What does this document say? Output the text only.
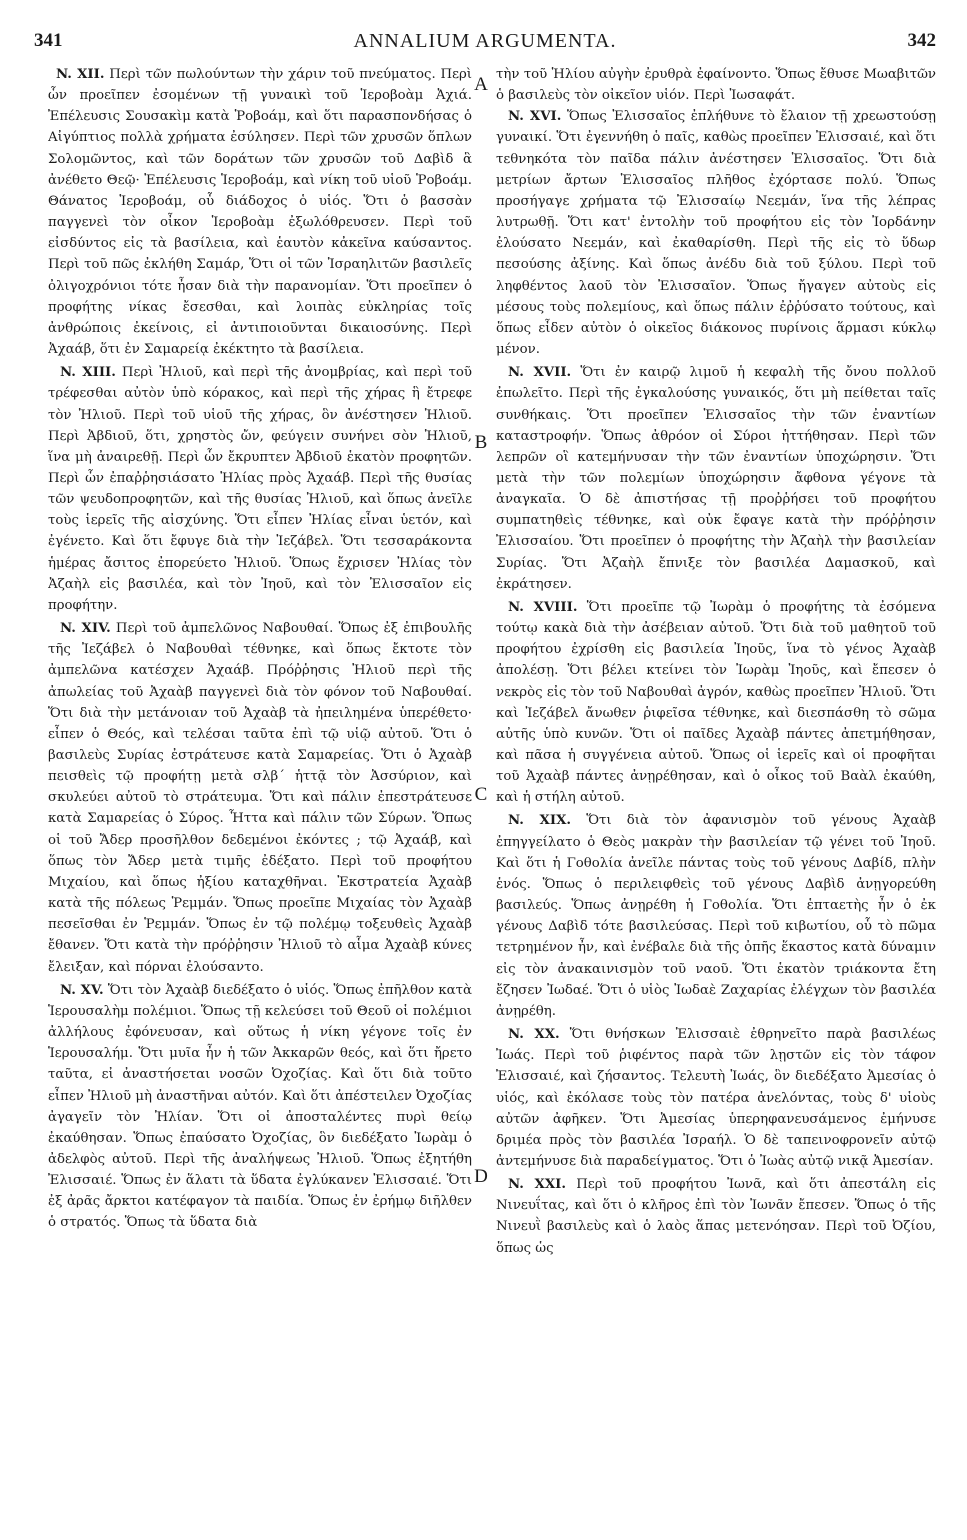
341	ANNALIUM ARGUMENTA.	342

N. XII. Περὶ τῶν πωλούντων τὴν χάριν τοῦ πνεύματος. Περὶ ὧν προεῖπεν ἐσομένων τῇ γυναικὶ τοῦ Ἱεροβοὰμ Ἀχιά. Ἐπέλευσις Σουσακὶμ κατὰ Ῥοβοάμ, καὶ ὅτι παρασπονδήσας ὁ Αἰγύπτιος πολλὰ χρήματα ἐσύλησεν. Περὶ τῶν χρυσῶν ὅπλων Σολομῶντος, καὶ τῶν δοράτων τῶν χρυσῶν τοῦ Δαβὶδ ἃ ἀνέθετο Θεῷ· Ἐπέλευσις Ἱεροβοάμ, καὶ νίκη τοῦ υἱοῦ Ῥοβοάμ. Θάνατος Ἱεροβοάμ, οὗ διάδοχος ὁ υἱός. Ὅτι ὁ βασσὰν παγγενεὶ τὸν οἶκον Ἱεροβοὰμ ἐξωλόθρευσεν. Περὶ τοῦ εἰσδύντος εἰς τὰ βασίλεια, καὶ ἑαυτὸν κἀκεῖνα καύσαντος. Περὶ τοῦ πῶς ἐκλήθη Σαμάρ, Ὅτι οἱ τῶν Ἰσραηλιτῶν βασιλεῖς ὀλιγοχρόνιοι τότε ἦσαν διὰ τὴν παρανομίαν. Ὅτι προεῖπεν ὁ προφήτης νίκας ἔσεσθαι, καὶ λοιπὰς εὐκληρίας τοῖς ἀνθρώποις ἐκείνοις, εἰ ἀντιποιοῦνται δικαιοσύνης. Περὶ Ἀχαάβ, ὅτι ἐν Σαμαρείᾳ ἐκέκτητο τὰ βασίλεια.

N. XIII. Περὶ Ἠλιοῦ, καὶ περὶ τῆς ἀνομβρίας, καὶ περὶ τοῦ τρέφεσθαι αὐτὸν ὑπὸ κόρακος, καὶ περὶ τῆς χήρας ἣ ἔτρεφε τὸν Ἠλιοῦ. Περὶ τοῦ υἱοῦ τῆς χήρας, ὃν ἀνέστησεν Ἠλιοῦ. Περὶ Ἀβδιοῦ, ὅτι, χρηστὸς ὤν, φεύγειν συνήνει σὸν Ἠλιοῦ, ἵνα μὴ ἀναιρεθῇ. Περὶ ὧν ἔκρυπτεν Ἀβδιοῦ ἑκατὸν προφητῶν. Περὶ ὧν ἐπαῤῥησιάσατο Ἠλίας πρὸς Ἀχαάβ. Περὶ τῆς θυσίας τῶν ψευδοπροφητῶν, καὶ τῆς θυσίας Ἠλιοῦ, καὶ ὅπως ἀνεῖλε τοὺς ἱερεῖς τῆς αἰσχύνης. Ὅτι εἶπεν Ἠλίας εἶναι ὑετόν, καὶ ἐγένετο. Καὶ ὅτι ἔφυγε διὰ τὴν Ἰεζάβελ. Ὅτι τεσσαράκοντα ἡμέρας ἄσιτος ἐπορεύετο Ἠλιοῦ. Ὅπως ἔχρισεν Ἠλίας τὸν Ἀζαὴλ εἰς βασιλέα, καὶ τὸν Ἰηοῦ, καὶ τὸν Ἐλισσαῖον εἰς προφήτην.

N. XIV. Περὶ τοῦ ἀμπελῶνος Ναβουθαί. Ὅπως ἐξ ἐπιβουλῆς τῆς Ἰεζάβελ ὁ Ναβουθαὶ τέθνηκε, καὶ ὅπως ἔκτοτε τὸν ἀμπελῶνα κατέσχεν Ἀχαάβ. Πρόῤῥησις Ἠλιοῦ περὶ τῆς ἀπωλείας τοῦ Ἀχαὰβ παγγενεὶ διὰ τὸν φόνον τοῦ Ναβουθαί. Ὅτι διὰ τὴν μετάνοιαν τοῦ Ἀχαὰβ τὰ ἠπειλημένα ὑπερέθετο· εἶπεν ὁ Θεός, καὶ τελέσαι ταῦτα ἐπὶ τῷ υἱῷ αὐτοῦ. Ὅτι ὁ βασιλεὺς Συρίας ἐστράτευσε κατὰ Σαμαρείας. Ὅτι ὁ Ἀχαὰβ πεισθεὶς τῷ προφήτῃ μετὰ σλβ´ ἡττᾷ τὸν Ἀσσύριον, καὶ σκυλεύει αὐτοῦ τὸ στράτευμα. Ὅτι καὶ πάλιν ἐπεστράτευσε κατὰ Σαμαρείας ὁ Σύρος. Ἧττα καὶ πάλιν τῶν Σύρων. Ὅπως οἱ τοῦ Ἄδερ προσῆλθον δεδεμένοι ἐκόντες ; τῷ Ἀχαάβ, καὶ ὅπως τὸν Ἄδερ μετὰ τιμῆς ἐδέξατο. Περὶ τοῦ προφήτου Μιχαίου, καὶ ὅπως ἠξίου καταχθῆναι. Ἐκστρατεία Ἀχαὰβ κατὰ τῆς πόλεως Ῥεμμάν. Ὅπως προεῖπε Μιχαίας τὸν Ἀχαὰβ πεσεῖσθαι ἐν Ῥεμμάν. Ὅπως ἐν τῷ πολέμῳ τοξευθεὶς Ἀχαὰβ ἔθανεν. Ὅτι κατὰ τὴν πρόῤῥησιν Ἠλιοῦ τὸ αἷμα Ἀχαὰβ κύνες ἔλειξαν, καὶ πόρναι ἐλούσαντο.

N. XV. Ὅτι τὸν Ἀχαὰβ διεδέξατο ὁ υἱός. Ὅπως ἐπῆλθον κατὰ Ἱερουσαλὴμ πολέμιοι. Ὅπως τῇ κελεύσει τοῦ Θεοῦ οἱ πολέμιοι ἀλλήλους ἐφόνευσαν, καὶ οὕτως ἡ νίκη γέγονε τοῖς ἐν Ἱερουσαλήμ. Ὅτι μυῖα ἦν ἡ τῶν Ἀκκαρῶν θεός, καὶ ὅτι ἤρετο ταῦτα, εἰ ἀναστήσεται νοσῶν Ὀχοζίας. Καὶ ὅτι διὰ τοῦτο εἶπεν Ἠλιοῦ μὴ ἀναστῆναι αὐτόν. Καὶ ὅτι ἀπέστειλεν Ὀχοζίας ἀγαγεῖν τὸν Ἠλίαν. Ὅτι οἱ ἀποσταλέντες πυρὶ θείῳ ἐκαύθησαν. Ὅπως ἐπαύσατο Ὀχοζίας, ὃν διεδέξατο Ἰωρὰμ ὁ ἀδελφὸς αὐτοῦ. Περὶ τῆς ἀναλήψεως Ἠλιοῦ. Ὅπως ἐξητήθη Ἐλισσαιέ. Ὅπως ἐν ἅλατι τὰ ὕδατα ἐγλύκανεν Ἐλισσαιέ. Ὅτι ἐξ ἀρᾶς ἄρκτοι κατέφαγον τὰ παιδία. Ὅπως ἐν ἐρήμῳ διῆλθεν ὁ στρατός. Ὅπως τὰ ὕδατα διὰ

A
B
C
D

τὴν τοῦ Ἡλίου αὐγὴν ἐρυθρὰ ἐφαίνοντο. Ὅπως ἔθυσε Μωαβιτῶν ὁ βασιλεὺς τὸν οἰκεῖον υἱόν. Περὶ Ἰωσαφάτ.

N. XVI. Ὅπως Ἐλισσαῖος ἐπλήθυνε τὸ ἔλαιον τῇ χρεωστούσῃ γυναικί. Ὅτι ἐγεννήθη ὁ παῖς, καθὼς προεῖπεν Ἐλισσαιέ, καὶ ὅτι τεθνηκότα τὸν παῖδα πάλιν ἀνέστησεν Ἐλισσαῖος. Ὅτι διὰ μετρίων ἄρτων Ἐλισσαῖος πλῆθος ἐχόρτασε πολύ. Ὅπως προσήγαγε χρήματα τῷ Ἐλισσαίῳ Νεεμάν, ἵνα τῆς λέπρας λυτρωθῇ. Ὅτι κατ' ἐντολὴν τοῦ προφήτου εἰς τὸν Ἰορδάνην ἐλούσατο Νεεμάν, καὶ ἐκαθαρίσθη. Περὶ τῆς εἰς τὸ ὕδωρ πεσούσης ἀξίνης. Καὶ ὅπως ἀνέδυ διὰ τοῦ ξύλου. Περὶ τοῦ ληφθέντος λαοῦ τὸν Ἐλισσαῖον. Ὅπως ἤγαγεν αὐτοὺς εἰς μέσους τοὺς πολεμίους, καὶ ὅπως πάλιν ἐῤῥύσατο τούτους, καὶ ὅπως εἶδεν αὐτὸν ὁ οἰκεῖος διάκονος πυρίνοις ἅρμασι κύκλῳ μένον.

N. XVII. Ὅτι ἐν καιρῷ λιμοῦ ἡ κεφαλὴ τῆς ὄνου πολλοῦ ἐπωλεῖτο. Περὶ τῆς ἐγκαλούσης γυναικός, ὅτι μὴ πείθεται ταῖς συνθήκαις. Ὅτι προεῖπεν Ἐλισσαῖος τὴν τῶν ἐναντίων καταστροφήν. Ὅπως ἀθρόον οἱ Σύροι ἡττήθησαν. Περὶ τῶν λεπρῶν οἳ κατεμήνυσαν τὴν τῶν ἐναντίων ὑποχώρησιν. Ὅτι μετὰ τὴν τῶν πολεμίων ὑποχώρησιν ἄφθονα γέγονε τὰ ἀναγκαῖα. Ὁ δὲ ἀπιστήσας τῇ προῤῥήσει τοῦ προφήτου συμπατηθεὶς τέθνηκε, καὶ οὐκ ἔφαγε κατὰ τὴν πρόῤῥησιν Ἐλισσαίου. Ὅτι προεῖπεν ὁ προφήτης τὴν Ἀζαὴλ τὴν βασιλείαν Συρίας. Ὅτι Ἀζαὴλ ἔπνιξε τὸν βασιλέα Δαμασκοῦ, καὶ ἐκράτησεν.

N. XVIII. Ὅτι προεῖπε τῷ Ἰωρὰμ ὁ προφήτης τὰ ἐσόμενα τούτῳ κακὰ διὰ τὴν ἀσέβειαν αὐτοῦ. Ὅτι διὰ τοῦ μαθητοῦ τοῦ προφήτου ἐχρίσθη εἰς βασιλεία Ἰηοῦς, ἵνα τὸ γένος Ἀχαὰβ ἀπολέσῃ. Ὅτι βέλει κτείνει τὸν Ἰωρὰμ Ἰηοῦς, καὶ ἔπεσεν ὁ νεκρὸς εἰς τὸν τοῦ Ναβουθαὶ ἀγρόν, καθὼς προεῖπεν Ἠλιοῦ. Ὅτι καὶ Ἰεζάβελ ἄνωθεν ῥιφεῖσα τέθνηκε, καὶ διεσπάσθη τὸ σῶμα αὐτῆς ὑπὸ κυνῶν. Ὅτι οἱ παῖδες Ἀχαὰβ πάντες ἀπετμήθησαν, καὶ πᾶσα ἡ συγγένεια αὐτοῦ. Ὅπως οἱ ἱερεῖς καὶ οἱ προφῆται τοῦ Ἀχαὰβ πάντες ἀνῃρέθησαν, καὶ ὁ οἶκος τοῦ Βαὰλ ἐκαύθη, καὶ ἡ στήλη αὐτοῦ.

N. XIX. Ὅτι διὰ τὸν ἀφανισμὸν τοῦ γένους Ἀχαὰβ ἐπηγγείλατο ὁ Θεὸς μακρὰν τὴν βασιλείαν τῷ γένει τοῦ Ἰηοῦ. Καὶ ὅτι ἡ Γοθολία ἀνεῖλε πάντας τοὺς τοῦ γένους Δαβίδ, πλὴν ἑνός. Ὅπως ὁ περιλειφθεὶς τοῦ γένους Δαβὶδ ἀνῃγορεύθη βασιλεύς. Ὅπως ἀνῃρέθη ἡ Γοθολία. Ὅτι ἑπταετὴς ἦν ὁ ἐκ γένους Δαβὶδ τότε βασιλεύσας. Περὶ τοῦ κιβωτίου, οὗ τὸ πῶμα τετρημένον ἦν, καὶ ἐνέβαλε διὰ τῆς ὀπῆς ἕκαστος κατὰ δύναμιν εἰς τὸν ἀνακαινισμὸν τοῦ ναοῦ. Ὅτι ἑκατὸν τριάκοντα ἔτη ἔζησεν Ἰωδαέ. Ὅτι ὁ υἱὸς Ἰωδαὲ Ζαχαρίας ἐλέγχων τὸν βασιλέα ἀνῃρέθη.

N. XX. Ὅτι θνήσκων Ἐλισσαιὲ ἐθρηνεῖτο παρὰ βασιλέως Ἰωάς. Περὶ τοῦ ῥιφέντος παρὰ τῶν λῃστῶν εἰς τὸν τάφον Ἐλισσαιέ, καὶ ζήσαντος. Τελευτὴ Ἰωάς, ὃν διεδέξατο Ἀμεσίας ὁ υἱός, καὶ ἐκόλασε τοὺς τὸν πατέρα ἀνελόντας, τοὺς δ' υἱοὺς αὐτῶν ἀφῆκεν. Ὅτι Ἀμεσίας ὑπερηφανευσάμενος ἐμήνυσε δριμέα πρὸς τὸν βασιλέα Ἰσραήλ. Ὁ δὲ ταπεινοφρονεῖν αὐτῷ ἀντεμήνυσε διὰ παραδείγματος. Ὅτι ὁ Ἰωὰς αὐτῷ νικᾷ Ἀμεσίαν.

N. XXI. Περὶ τοῦ προφήτου Ἰωνᾶ, καὶ ὅτι ἀπεστάλη εἰς Νινευΐτας, καὶ ὅτι ὁ κλῆρος ἐπὶ τὸν Ἰωνᾶν ἔπεσεν. Ὅπως ὁ τῆς Νινευῒ βασιλεὺς καὶ ὁ λαὸς ἅπας μετενόησαν. Περὶ τοῦ Ὀζίου, ὅπως ὡς
